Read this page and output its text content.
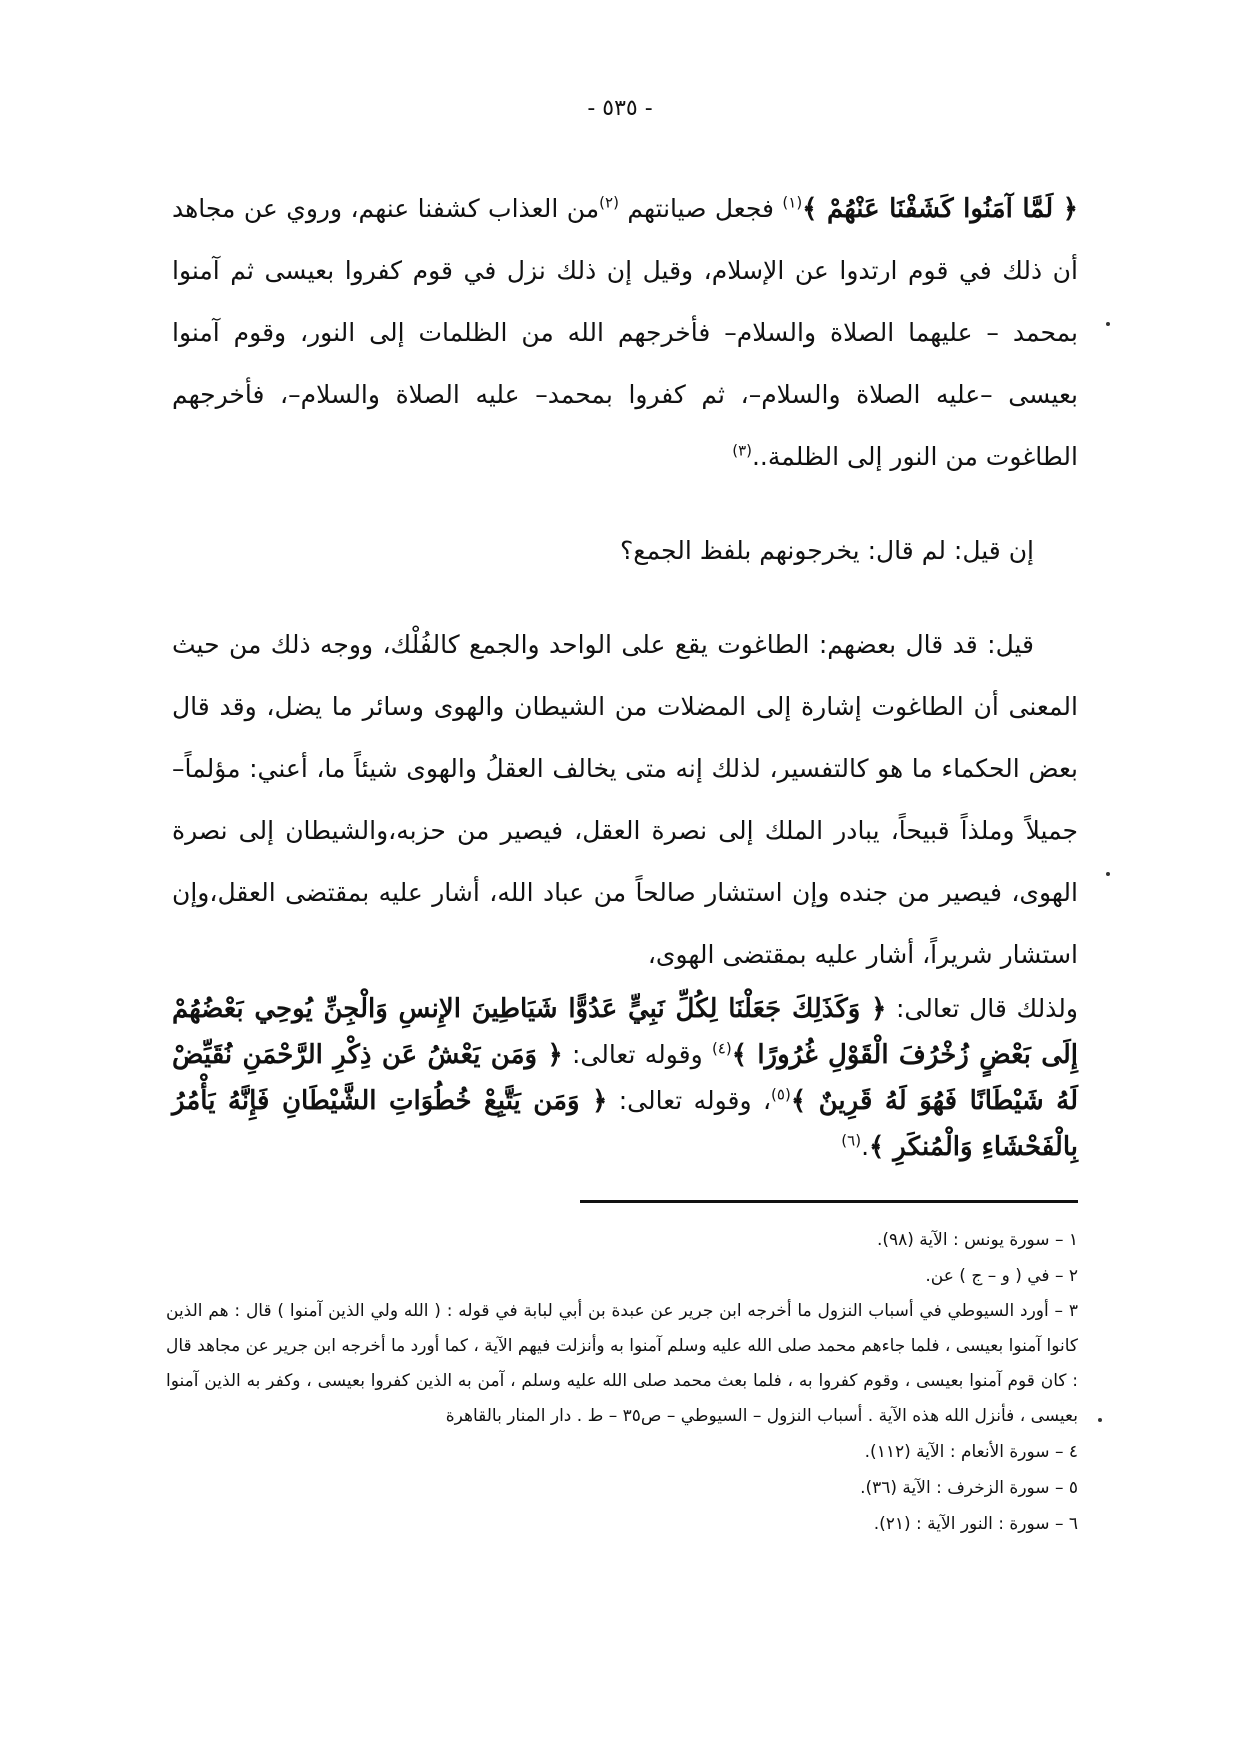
- ٥٣٥ -

﴿ لَمَّا آمَنُوا كَشَفْنَا عَنْهُمْ ﴾$^{(١)}$ فجعل صيانتهم $^{(٢)}$من العذاب كشفنا عنهم، وروي عن مجاهد أن ذلك في قوم ارتدوا عن الإسلام، وقيل إن ذلك نزل في قوم كفروا بعيسى ثم آمنوا بمحمد – عليهما الصلاة والسلام– فأخرجهم الله من الظلمات إلى النور، وقوم آمنوا بعيسى –عليه الصلاة والسلام–، ثم كفروا بمحمد– عليه الصلاة والسلام–، فأخرجهم الطاغوت من النور إلى الظلمة..$^{(٣)}$

إن قيل: لم قال: يخرجونهم بلفظ الجمع؟

قيل: قد قال بعضهم: الطاغوت يقع على الواحد والجمع كالفُلْك، ووجه ذلك من حيث المعنى أن الطاغوت إشارة إلى المضلات من الشيطان والهوى وسائر ما يضل، وقد قال بعض الحكماء ما هو كالتفسير، لذلك إنه متى يخالف العقلُ والهوى شيئاً ما، أعني: مؤلماً– جميلاً وملذاً قبيحاً، يبادر الملك إلى نصرة العقل، فيصير من حزبه،والشيطان إلى نصرة الهوى، فيصير من جنده وإن استشار صالحاً من عباد الله، أشار عليه بمقتضى العقل،وإن استشار شريراً، أشار عليه بمقتضى الهوى،

ولذلك قال تعالى: ﴿ وَكَذَلِكَ جَعَلْنَا لِكُلِّ نَبِيٍّ عَدُوًّا شَيَاطِينَ الإِنسِ وَالْجِنِّ يُوحِي بَعْضُهُمْ إِلَى بَعْضٍ زُخْرُفَ الْقَوْلِ غُرُورًا ﴾$^{(٤)}$ وقوله تعالى: ﴿ وَمَن يَعْشُ عَن ذِكْرِ الرَّحْمَنِ نُقَيِّضْ لَهُ شَيْطَانًا فَهُوَ لَهُ قَرِينٌ ﴾$^{(٥)}$، وقوله تعالى: ﴿ وَمَن يَتَّبِعْ خُطُوَاتِ الشَّيْطَانِ فَإِنَّهُ يَأْمُرُ بِالْفَحْشَاءِ وَالْمُنكَرِ ﴾.$^{(٦)}$

١ – سورة يونس : الآية (٩٨).

٢ – في ( و – ج ) عن.

٣ – أورد السيوطي في أسباب النزول ما أخرجه ابن جرير عن عبدة بن أبي لبابة في قوله : ( الله ولي الذين آمنوا ) قال : هم الذين كانوا آمنوا بعيسى ، فلما جاءهم محمد صلى الله عليه وسلم آمنوا به وأنزلت فيهم الآية ، كما أورد ما أخرجه ابن جرير عن مجاهد قال : كان قوم آمنوا بعيسى ، وقوم كفروا به ، فلما بعث محمد صلى الله عليه وسلم ، آمن به الذين كفروا بعيسى ، وكفر به الذين آمنوا بعيسى ، فأنزل الله هذه الآية . أسباب النزول – السيوطي – ص٣٥ – ط . دار المنار بالقاهرة

٤ – سورة الأنعام : الآية (١١٢).

٥ – سورة الزخرف : الآية (٣٦).

٦ – سورة : النور الآية : (٢١).
